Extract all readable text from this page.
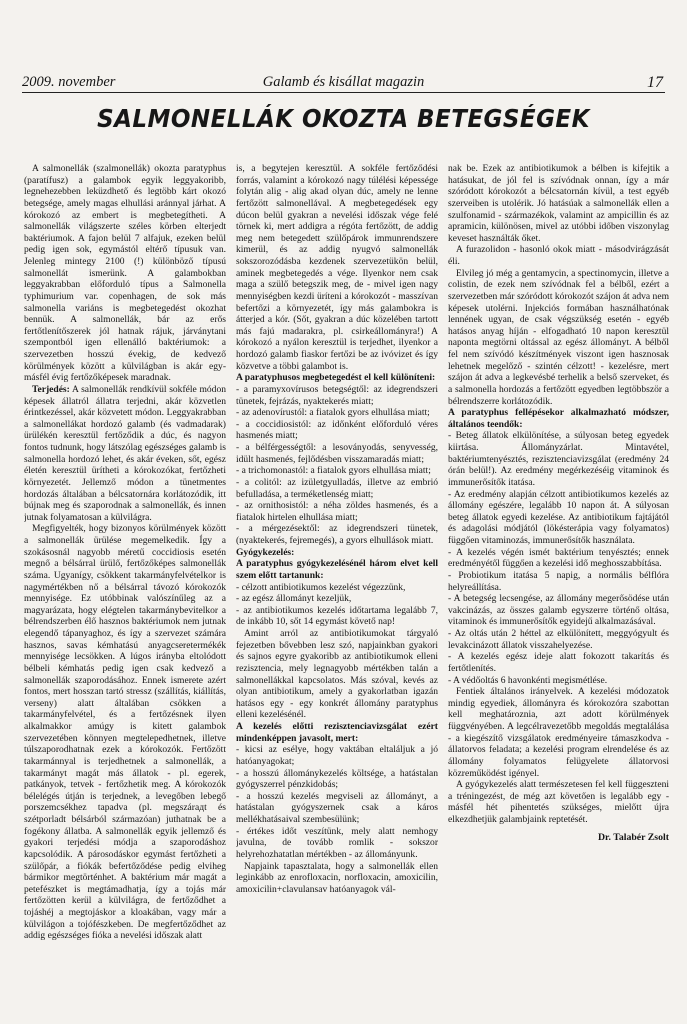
2009. november	Galamb és kisállat magazin	17
SALMONELLÁK OKOZTA BETEGSÉGEK

A salmonellák (szalmonellák) okozta paratyphus (paratífusz) a galambok egyik leggyakoribb, legnehezebben leküzdhető és legtöbb kárt okozó betegsége, amely magas elhullási aránnyal járhat. A kórokozó az embert is megbetegítheti. A salmonellák világszerte széles körben elterjedt baktériumok. A fajon belül 7 alfajuk, ezeken belül pedig igen sok, egymástól eltérő típusuk van. Jelenleg mintegy 2100 (!) különböző típusú salmonellát ismerünk. A galambokban leggyakrabban előforduló típus a Salmonella typhimurium var. copenhagen, de sok más salmonella variáns is megbetegedést okozhat bennük. A salmonellák, bár az erős fertőtlenítőszerek jól hatnak rájuk, járványtani szempontból igen ellenálló baktériumok: a szervezetben hosszú évekig, de kedvező körülmények között a külvilágban is akár egy-másfél évig fertőzőképesek maradnak.

Terjedés: A salmonellák rendkívül sokféle módon képesek állatról állatra terjedni, akár közvetlen érintkezéssel, akár közvetett módon. Leggyakrabban a salmonellákat hordozó galamb (és vadmadarak) ürülékén keresztül fertőződik a dúc, és nagyon fontos tudnunk, hogy látszólag egészséges galamb is salmonella hordozó lehet, és akár éveken, sőt, egész életén keresztül ürítheti a kórokozókat, fertőzheti környezetét. Jellemző módon a tünetmentes hordozás általában a bélcsatornára korlátozódik, itt bújnak meg és szaporodnak a salmonellák, és innen jutnak folyamatosan a külvilágra.

Megfigyelték, hogy bizonyos körülmények között a salmonellák ürülése megemelkedik. Így a szokásosnál nagyobb méretű coccidiosis esetén megnő a bélsárral ürülő, fertőzőképes salmonellák száma. Ugyanígy, csökkent takarmányfelvételkor is nagymértékben nő a bélsárral távozó kórokozók mennyisége. Ez utóbbinak valószínűleg az a magyarázata, hogy elégtelen takarmánybevitelkor a bélrendszerben élő hasznos baktériumok nem jutnak elegendő tápanyaghoz, és így a szervezet számára hasznos, savas kémhatású anyagcseretermékék mennyisége lecsökken. A lúgos irányba eltolódott bélbeli kémhatás pedig igen csak kedvező a salmonellák szaporodásához. Ennek ismerete azért fontos, mert hosszan tartó stressz (szállítás, kiállítás, verseny) alatt általában csökken a takarmányfelvétel, és a fertőzésnek ilyen alkalmakkor amúgy is kitett galambok szervezetében könnyen megtelepedhetnek, illetve túlszaporodhatnak ezek a kórokozók. Fertőzött takarmánnyal is terjedhetnek a salmonellák, a takarmányt magát más állatok - pl. egerek, patkányok, tetvek - fertőzhetik meg. A kórokozók bélelégés útján is terjednek, a levegőben lebegő porszemcsékhez tapadva (pl. megszárадt és szétporladt bélsárból származóan) juthatnak be a fogékony állatba. A salmonellák egyik jellemző és gyakori terjedési módja a szaporodáshoz kapcsolódik. A párosodáskor egymást fertőzheti a szülőpár, a fiókák befertőződése pedig elviheg bármikor megtörténhet. A baktérium már magát a petefészket is megtámadhatja, így a tojás már fertőzötten kerül a külvilágra, de fertőződhet a tojáshéj a megtojáskor a kloakában, vagy már a külvilágon a tojófészkeben. De megfertőződhet az addig egészséges fióka a nevelési időszak alatt

is, a begytejen keresztül. A sokféle fertőződési forrás, valamint a kórokozó nagy túlélési képessége folytán alig - alig akad olyan dúc, amely ne lenne fertőzött salmonellával. A megbetegedések egy dúcon belül gyakran a nevelési időszak vége felé törnek ki, mert addigra a régóta fertőzött, de addig meg nem betegedett szülőpárok immunrendszere kimerül, és az addig nyugvó salmonellák sokszorozódásba kezdenek szervezetükön belül, aminek megbetegedés a vége. Ilyenkor nem csak maga a szülő betegszik meg, de - mivel igen nagy mennyiségben kezdi üríteni a kórokozót - masszívan befertőzi a környezetét, így más galambokra is átterjed a kór. (Sőt, gyakran a dúc közelében tartott más fajú madarakra, pl. csirkeállományra!) A kórokozó a nyálon keresztül is terjedhet, ilyenkor a hordozó galamb fiaskor fertőzi be az ivóvizet és így közvetve a többi galambot is.

A paratyphusos megbetegedést el kell különíteni:

- a paramyxovírusos betegségtől: az idegrendszeri tünetek, fejrázás, nyaktekerés miatt;

- az adenovírustól: a fiatalok gyors elhullása miatt;

- a coccidiosistól: az időnként előforduló véres hasmenés miatt;

- a bélférgességtől: a lesoványodás, senyvesség, idült hasmenés, fejlődésben visszamaradás miatt;

- a trichomonastól: a fiatalok gyors elhullása miatt;

- a colitól: az izületgyulladás, illetve az embrió befulladása, a terméketlenség miatt;

- az ornithosistól: a néha zöldes hasmenés, és a fiatalok hirtelen elhullása miatt;

- a mérgezésektől: az idegrendszeri tünetek, (nyaktekerés, fejremegés), a gyors elhullások miatt.

Gyógykezelés:

A paratyphus gyógykezelésénél három elvet kell szem előtt tartanunk:

- célzott antibiotikumos kezelést végezzünk,
- az egész állományt kezeljük,
- az antibiotikumos kezelés időtartama legalább 7, de inkább 10, sőt 14 egymást követő nap!

Amint arról az antibiotikumokat tárgyaló fejezetben bővebben lesz szó, napjainkban gyakori és sajnos egyre gyakoribb az antibiotikumok elleni rezisztencia, mely legnagyobb mértékben talán a salmonellákkal kapcsolatos. Más szóval, kevés az olyan antibiotikum, amely a gyakorlatban igazán hatásos egy - egy konkrét állomány paratyphus elleni kezelésénél.

A kezelés előtti rezisztenciavizsgálat ezért mindenképpen javasolt, mert:

- kicsi az esélye, hogy vaktában eltaláljuk a jó hatóanyagokat;
- a hosszú állománykezelés költsége, a hatástalan gyógyszerrel pénzkidobás;
- a hosszú kezelés megviseli az állományt, a hatástalan gyógyszernek csak a káros mellékhatásaival szembesülünk;
- értékes időt veszítünk, mely alatt nemhogy javulna, de tovább romlik - sokszor helyrehozhatatlan mértékben - az állományunk.

Napjaink tapasztalata, hogy a salmonellák ellen leginkább az enrofloxacin, norfloxacin, amoxicilin, amoxicilin+clavulansav hatóanyagok vál-

nak be. Ezek az antibiotikumok a bélben is kifejtik a hatásukat, de jól fel is szívódnak onnan, így a már szóródott kórokozót a bélcsatornán kívül, a test egyéb szerveiben is utolérik. Jó hatásúak a salmonellák ellen a szulfonamid - származékok, valamint az ampicillin és az apramicin, különösen, mivel az utóbbi időben viszonylag keveset használták őket.

A furazolidon - hasonló okok miatt - másodvirágzását éli.

Elvileg jó még a gentamycin, a spectinomycin, illetve a colistin, de ezek nem szívódnak fel a bélből, ezért a szervezetben már szóródott kórokozót szájon át adva nem képesek utolérni. Injekciós formában használhatónak lennének ugyan, de csak végszükség esetén - egyéb hatásos anyag híján - elfogadható 10 napon keresztül naponta megtörni oltással az egész állományt. A bélből fel nem szívódó készítmények viszont igen hasznosak lehetnek megelőző - szintén célzott! - kezelésre, mert szájon át adva a legkevésbé terhelik a belső szerveket, és a salmonella hordozás a fertőzött egyedben legtöbbször a bélrendszerre korlátozódik.

A paratyphus fellépésekor alkalmazható módszer, általános teendők:

- Beteg állatok elkülönítése, a súlyosan beteg egyedek kiirtása. Állományzárlat. Mintavétel, baktériumtenyésztés, rezisztenciavizsgálat (eredmény 24 órán belül!). Az eredmény megérkezéséig vitaminok és immunerősítők itatása.

- Az eredmény alapján célzott antibiotikumos kezelés az állomány egészére, legalább 10 napon át. A súlyosan beteg állatok egyedi kezelése. Az antibiotikum fajtájától és adagolási módjától (lökésterápia vagy folyamatos) függően vitaminozás, immunerősítők használata.

- A kezelés végén ismét baktérium tenyésztés; ennek eredményétől függően a kezelési idő meghosszabbítása.

- Probiotikum itatása 5 napig, a normális bélflóra helyreállítása.

- A betegség lecsengése, az állomány megerősödése után vakcinázás, az összes galamb egyszerre történő oltása, vitaminok és immunerősítők egyidejű alkalmazásával.

- Az oltás után 2 héttel az elkülönített, meggyógyult és levakcinázott állatok visszahelyezése.

- A kezelés egész ideje alatt fokozott takarítás és fertőtlenítés.

- A védőoltás 6 havonkénti megismétlése.

Fentiek általános irányelvek. A kezelési módozatok mindig egyediek, állományra és kórokozóra szabottan kell meghatároznia, azt adott körülmények függvényében. A legcélravezetőbb megoldás megtalálása - a kiegészítő vizsgálatok eredményeire támaszkodva - állatorvos feladata; a kezelési program elrendelése és az állomány folyamatos felügyelete állatorvosi közreműködést igényel.

A gyógykezelés alatt természetesen fel kell függeszteni a tréningezést, de még azt követően is legalább egy - másfél hét pihentetés szükséges, mielőtt újra elkezdhetjük galambjaink reptetését.

Dr. Talabér Zsolt
